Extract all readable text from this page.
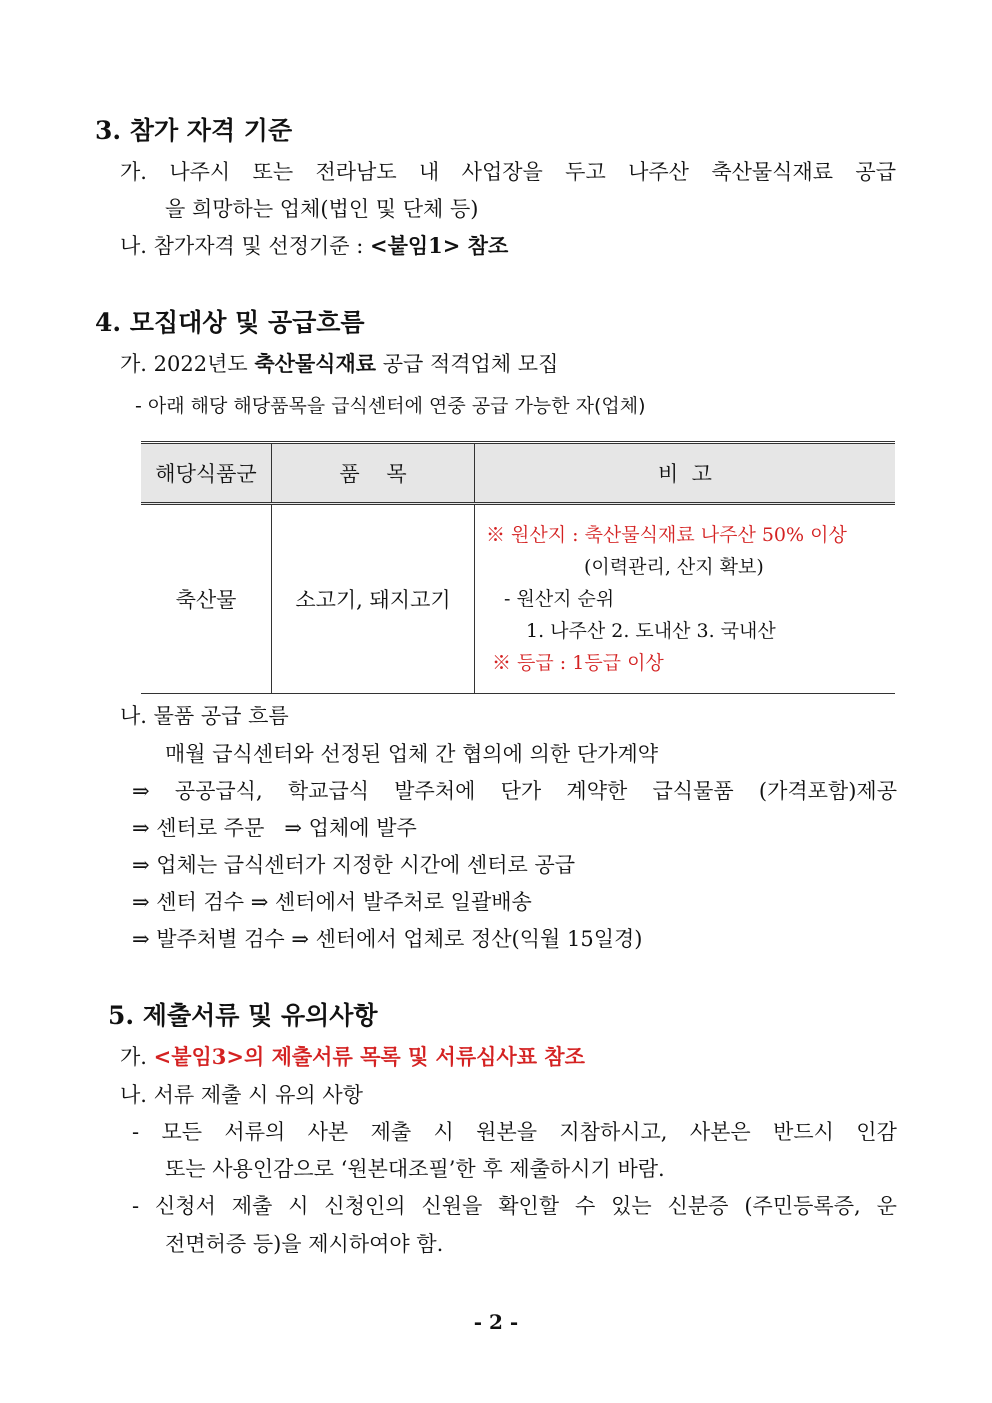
3. 참가 자격 기준
가. 나주시 또는 전라남도 내 사업장을 두고 나주산 축산물식재료 공급
을 희망하는 업체(법인 및 단체 등)
나. 참가자격 및 선정기준 : <붙임1> 참조
4. 모집대상 및 공급흐름
가. 2022년도 축산물식재료 공급 적격업체 모집
- 아래 해당 해당품목을 급식센터에 연중 공급 가능한 자(업체)
해당식품군	품    목	비  고
축산물	소고기, 돼지고기	※ 원산지 : 축산물식재료 나주산 50% 이상
(이력관리, 산지 확보)
- 원산지 순위
1. 나주산 2. 도내산 3. 국내산
※ 등급 : 1등급 이상
나. 물품 공급 흐름
매월 급식센터와 선정된 업체 간 협의에 의한 단가계약
⇒ 공공급식, 학교급식 발주처에 단가 계약한 급식물품 (가격포함)제공
⇒ 센터로 주문   ⇒ 업체에 발주
⇒ 업체는 급식센터가 지정한 시간에 센터로 공급
⇒ 센터 검수 ⇒ 센터에서 발주처로 일괄배송
⇒ 발주처별 검수 ⇒ 센터에서 업체로 정산(익월 15일경)
5. 제출서류 및 유의사항
가. <붙임3>의 제출서류 목록 및 서류심사표 참조
나. 서류 제출 시 유의 사항
- 모든 서류의 사본 제출 시 원본을 지참하시고, 사본은 반드시 인감
또는 사용인감으로 ‘원본대조필’한 후 제출하시기 바람.
- 신청서 제출 시 신청인의 신원을 확인할 수 있는 신분증 (주민등록증, 운
전면허증 등)을 제시하여야 함.
- 2 -
